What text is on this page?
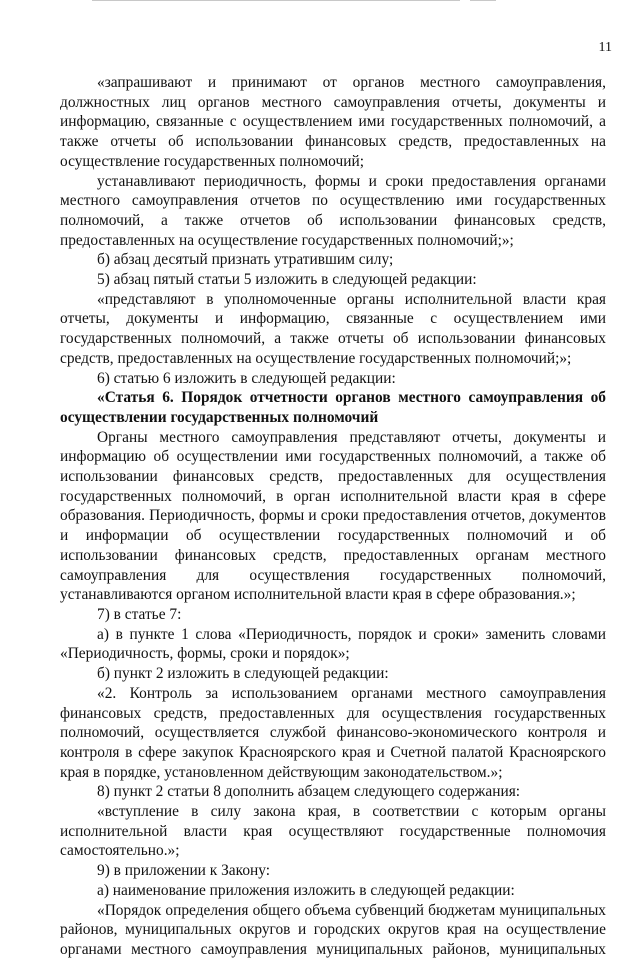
11

«запрашивают и принимают от органов местного самоуправления, должностных лиц органов местного самоуправления отчеты, документы и информацию, связанные с осуществлением ими государственных полномочий, а также отчеты об использовании финансовых средств, предоставленных на осуществление государственных полномочий;

устанавливают периодичность, формы и сроки предоставления органами местного самоуправления отчетов по осуществлению ими государственных полномочий, а также отчетов об использовании финансовых средств, предоставленных на осуществление государственных полномочий;»;

б) абзац десятый признать утратившим силу;

5) абзац пятый статьи 5 изложить в следующей редакции:

«представляют в уполномоченные органы исполнительной власти края отчеты, документы и информацию, связанные с осуществлением ими государственных полномочий, а также отчеты об использовании финансовых средств, предоставленных на осуществление государственных полномочий;»;

6) статью 6 изложить в следующей редакции:

«Статья 6. Порядок отчетности органов местного самоуправления об осуществлении государственных полномочий

Органы местного самоуправления представляют отчеты, документы и информацию об осуществлении ими государственных полномочий, а также об использовании финансовых средств, предоставленных для осуществления государственных полномочий, в орган исполнительной власти края в сфере образования. Периодичность, формы и сроки предоставления отчетов, документов и информации об осуществлении государственных полномочий и об использовании финансовых средств, предоставленных органам местного самоуправления для осуществления государственных полномочий, устанавливаются органом исполнительной власти края в сфере образования.»;

7) в статье 7:

а) в пункте 1 слова «Периодичность, порядок и сроки» заменить словами «Периодичность, формы, сроки и порядок»;

б) пункт 2 изложить в следующей редакции:

«2. Контроль за использованием органами местного самоуправления финансовых средств, предоставленных для осуществления государственных полномочий, осуществляется службой финансово-экономического контроля и контроля в сфере закупок Красноярского края и Счетной палатой Красноярского края в порядке, установленном действующим законодательством.»;

8) пункт 2 статьи 8 дополнить абзацем следующего содержания:

«вступление в силу закона края, в соответствии с которым органы исполнительной власти края осуществляют государственные полномочия самостоятельно.»;

9) в приложении к Закону:

а) наименование приложения изложить в следующей редакции:

«Порядок определения общего объема субвенций бюджетам муниципальных районов, муниципальных округов и городских округов края на осуществление органами местного самоуправления муниципальных районов, муниципальных
